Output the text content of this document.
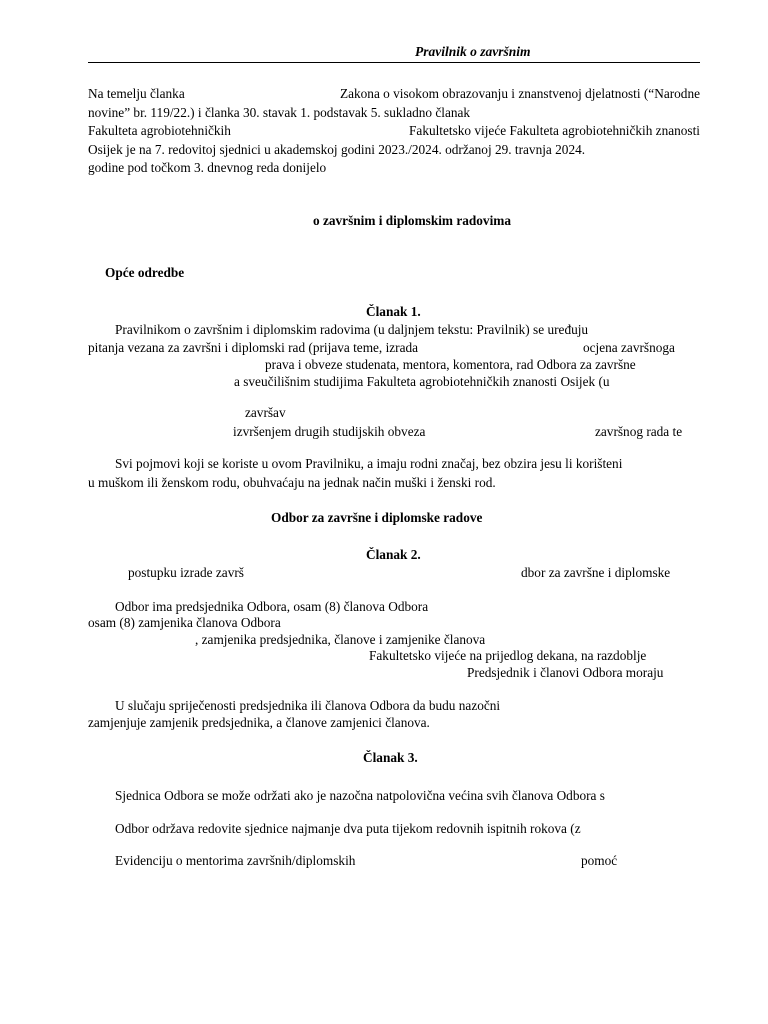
Pravilnik o završnim
Na temelju članka	Zakona o visokom obrazovanju i znanstvenoj djelatnosti (“Narodne
novine” br. 119/22.) i članka 30. stavak 1. podstavak 5. sukladno članak
Fakulteta agrobiotehničkih	Fakultetsko vijeće Fakulteta agrobiotehničkih znanosti
Osijek je na 7. redovitoj sjednici u akademskoj godini 2023./2024. održanoj 29. travnja 2024.
godine pod točkom 3. dnevnog reda donijelo
o završnim i diplomskim radovima
Opće odredbe
Članak 1.
Pravilnikom o završnim i diplomskim radovima (u daljnjem tekstu: Pravilnik) se uređuju
pitanja vezana za završni i diplomski rad (prijava teme, izrada	ocjena završnoga
prava i obveze studenata, mentora, komentora, rad Odbora za završne
a sveučilišnim studijima Fakulteta agrobiotehničkih znanosti Osijek (u
završav
izvršenjem drugih studijskih obveza	završnog rada te
Svi pojmovi koji se koriste u ovom Pravilniku, a imaju rodni značaj, bez obzira jesu li korišteni
u muškom ili ženskom rodu, obuhvaćaju na jednak način muški i ženski rod.
Odbor za završne i diplomske radove
Članak 2.
postupku izrade završ	dbor za završne i diplomske
Odbor ima predsjednika Odbora, osam (8) članova Odbora
osam (8) zamjenika članova Odbora
, zamjenika predsjednika, članove i zamjenike članova
Fakultetsko vijeće na prijedlog dekana, na razdoblje
Predsjednik i članovi Odbora moraju
U slučaju spriječenosti predsjednika ili članova Odbora da budu nazočni
zamjenjuje zamjenik predsjednika, a članove zamjenici članova.
Članak 3.
Sjednica Odbora se može održati ako je nazočna natpolovična većina svih članova Odbora s
Odbor održava redovite sjednice najmanje dva puta tijekom redovnih ispitnih rokova (z
Evidenciju o mentorima završnih/diplomskih	pomoć
